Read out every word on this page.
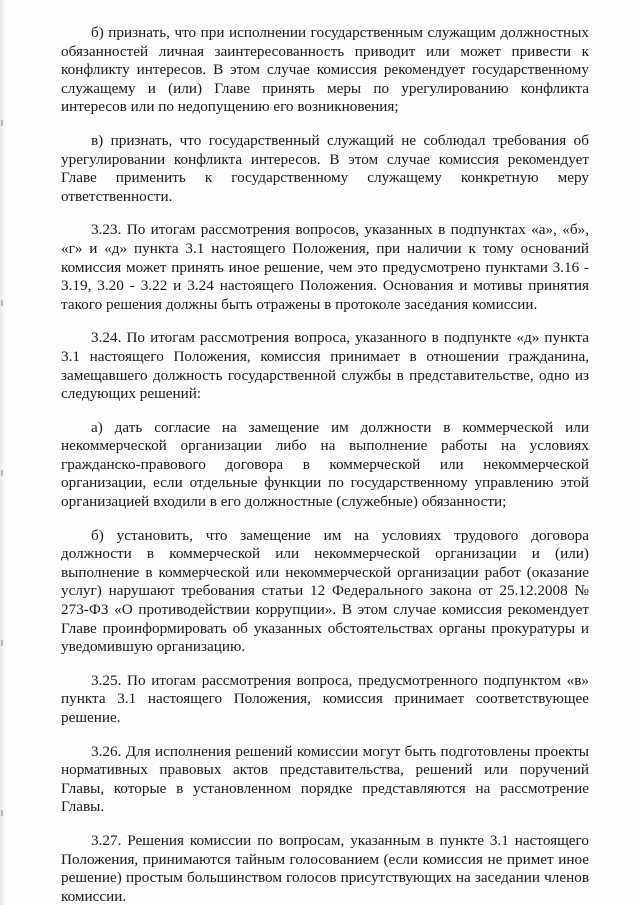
б) признать, что при исполнении государственным служащим должностных обязанностей личная заинтересованность приводит или может привести к конфликту интересов. В этом случае комиссия рекомендует государственному служащему и (или) Главе принять меры по урегулированию конфликта интересов или по недопущению его возникновения;

в) признать, что государственный служащий не соблюдал требования об урегулировании конфликта интересов. В этом случае комиссия рекомендует Главе применить к государственному служащему конкретную меру ответственности.

3.23. По итогам рассмотрения вопросов, указанных в подпунктах «а», «б», «г» и «д» пункта 3.1 настоящего Положения, при наличии к тому оснований комиссия может принять иное решение, чем это предусмотрено пунктами 3.16 - 3.19, 3.20 - 3.22 и 3.24 настоящего Положения. Основания и мотивы принятия такого решения должны быть отражены в протоколе заседания комиссии.

3.24. По итогам рассмотрения вопроса, указанного в подпункте «д» пункта 3.1 настоящего Положения, комиссия принимает в отношении гражданина, замещавшего должность государственной службы в представительстве, одно из следующих решений:

а) дать согласие на замещение им должности в коммерческой или некоммерческой организации либо на выполнение работы на условиях гражданско-правового договора в коммерческой или некоммерческой организации, если отдельные функции по государственному управлению этой организацией входили в его должностные (служебные) обязанности;

б) установить, что замещение им на условиях трудового договора должности в коммерческой или некоммерческой организации и (или) выполнение в коммерческой или некоммерческой организации работ (оказание услуг) нарушают требования статьи 12 Федерального закона от 25.12.2008 № 273-ФЗ «О противодействии коррупции». В этом случае комиссия рекомендует Главе проинформировать об указанных обстоятельствах органы прокуратуры и уведомившую организацию.

3.25. По итогам рассмотрения вопроса, предусмотренного подпунктом «в» пункта 3.1 настоящего Положения, комиссия принимает соответствующее решение.

3.26. Для исполнения решений комиссии могут быть подготовлены проекты нормативных правовых актов представительства, решений или поручений Главы, которые в установленном порядке представляются на рассмотрение Главы.

3.27. Решения комиссии по вопросам, указанным в пункте 3.1 настоящего Положения, принимаются тайным голосованием (если комиссия не примет иное решение) простым большинством голосов присутствующих на заседании членов комиссии.
